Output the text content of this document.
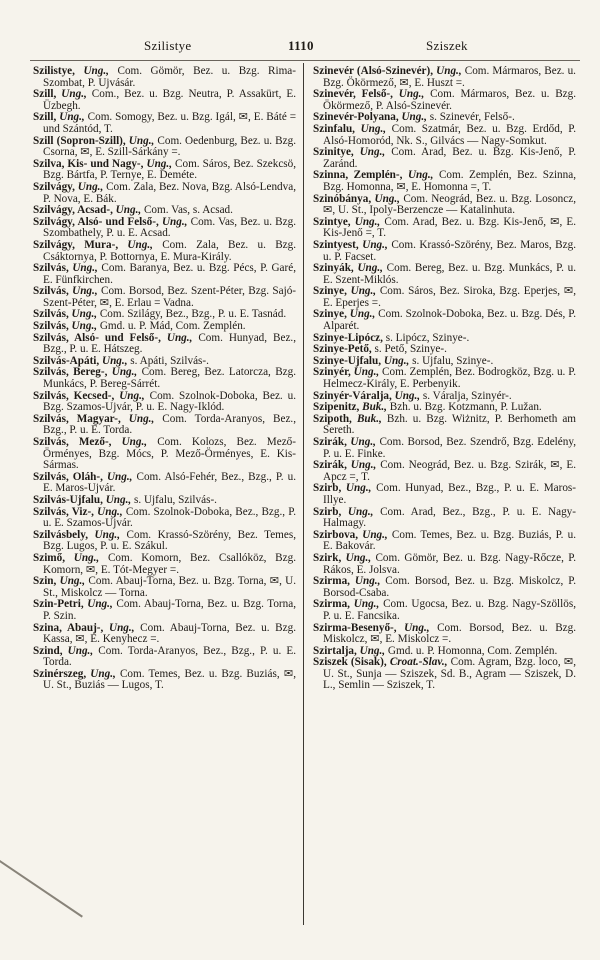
Szilistye	1110	Sziszek

Szilistye, Ung., Com. Gömör, Bez. u. Bzg. Rima-Szombat, P. Ujvásár.

Szill, Ung., Com., Bez. u. Bzg. Neutra, P. Assakürt, E. Üzbegh.

Szill, Ung., Com. Somogy, Bez. u. Bzg. Igál, ✉, E. Báté = und Szántód, T.

Szill (Sopron-Szill), Ung., Com. Oedenburg, Bez. u. Bzg. Csorna, ✉, E. Szill-Sárkány =.

Szilva, Kis- und Nagy-, Ung., Com. Sáros, Bez. Szekcsö, Bzg. Bártfa, P. Ternye, E. Deméte.

Szilvágy, Ung., Com. Zala, Bez. Nova, Bzg. Alsó-Lendva, P. Nova, E. Bák.

Szilvágy, Acsad-, Ung., Com. Vas, s. Acsad.

Szilvágy, Alsó- und Felső-, Ung., Com. Vas, Bez. u. Bzg. Szombathely, P. u. E. Acsad.

Szilvágy, Mura-, Ung., Com. Zala, Bez. u. Bzg. Csáktornya, P. Bottornya, E. Mura-Király.

Szilvás, Ung., Com. Baranya, Bez. u. Bzg. Pécs, P. Garé, E. Fünfkirchen.

Szilvás, Ung., Com. Borsod, Bez. Szent-Péter, Bzg. Sajó-Szent-Péter, ✉, E. Erlau = Vadna.

Szilvás, Ung., Com. Szilágy, Bez., Bzg., P. u. E. Tasnád.

Szilvás, Ung., Gmd. u. P. Mád, Com. Zemplén.

Szilvás, Alsó- und Felső-, Ung., Com. Hunyad, Bez., Bzg., P. u. E. Hátszeg.

Szilvás-Apáti, Ung., s. Apáti, Szilvás-.

Szilvás, Bereg-, Ung., Com. Bereg, Bez. Latorcza, Bzg. Munkács, P. Bereg-Sárrét.

Szilvás, Kecsed-, Ung., Com. Szolnok-Doboka, Bez. u. Bzg. Szamos-Ujvár, P. u. E. Nagy-Iklód.

Szilvás, Magyar-, Ung., Com. Torda-Aranyos, Bez., Bzg., P. u. E. Torda.

Szilvás, Mező-, Ung., Com. Kolozs, Bez. Mező-Örményes, Bzg. Mócs, P. Mező-Örményes, E. Kis-Sármas.

Szilvás, Oláh-, Ung., Com. Alsó-Fehér, Bez., Bzg., P. u. E. Maros-Ujvár.

Szilvás-Ujfalu, Ung., s. Ujfalu, Szilvás-.

Szilvás, Viz-, Ung., Com. Szolnok-Doboka, Bez., Bzg., P. u. E. Szamos-Ujvár.

Szilvásbely, Ung., Com. Krassó-Szörény, Bez. Temes, Bzg. Lugos, P. u. E. Szákul.

Szimő, Ung., Com. Komorn, Bez. Csallóköz, Bzg. Komorn, ✉, E. Tót-Megyer =.

Szin, Ung., Com. Abauj-Torna, Bez. u. Bzg. Torna, ✉, U. St., Miskolcz — Torna.

Szin-Petri, Ung., Com. Abauj-Torna, Bez. u. Bzg. Torna, P. Szin.

Szina, Abauj-, Ung., Com. Abauj-Torna, Bez. u. Bzg. Kassa, ✉, E. Kenyhecz =.

Szind, Ung., Com. Torda-Aranyos, Bez., Bzg., P. u. E. Torda.

Szinérszeg, Ung., Com. Temes, Bez. u. Bzg. Buziás, ✉, U. St., Buziás — Lugos, T.

Szinevér (Alsó-Szinevér), Ung., Com. Mármaros, Bez. u. Bzg. Ökörmező, ✉, E. Huszt =.

Szinevér, Felső-, Ung., Com. Mármaros, Bez. u. Bzg. Ökörmező, P. Alsó-Szinevér.

Szinevér-Polyana, Ung., s. Szinevér, Felső-.

Szinfalu, Ung., Com. Szatmár, Bez. u. Bzg. Erdőd, P. Alsó-Homoród, Nk. S., Gilvács — Nagy-Somkut.

Szinitye, Ung., Com. Arad, Bez. u. Bzg. Kis-Jenő, P. Zaránd.

Szinna, Zemplén-, Ung., Com. Zemplén, Bez. Szinna, Bzg. Homonna, ✉, E. Homonna =, T.

Szinóbánya, Ung., Com. Neográd, Bez. u. Bzg. Losoncz, ✉, U. St., Ipoly-Berzencze — Katalinhuta.

Szintye, Ung., Com. Arad, Bez. u. Bzg. Kis-Jenő, ✉, E. Kis-Jenő =, T.

Szintyest, Ung., Com. Krassó-Szörény, Bez. Maros, Bzg. u. P. Facset.

Szinyák, Ung., Com. Bereg, Bez. u. Bzg. Munkács, P. u. E. Szent-Miklós.

Szinye, Ung., Com. Sáros, Bez. Siroka, Bzg. Eperjes, ✉, E. Eperjes =.

Szinye, Ung., Com. Szolnok-Doboka, Bez. u. Bzg. Dés, P. Alparét.

Szinye-Lipócz, s. Lipócz, Szinye-.

Szinye-Pető, s. Pető, Szinye-.

Szinye-Ujfalu, Ung., s. Ujfalu, Szinye-.

Szinyér, Ung., Com. Zemplén, Bez. Bodrogköz, Bzg. u. P. Helmecz-Király, E. Perbenyik.

Szinyér-Váralja, Ung., s. Váralja, Szinyér-.

Szipenitz, Buk., Bzh. u. Bzg. Kotzmann, P. Lužan.

Szipoth, Buk., Bzh. u. Bzg. Wiżnitz, P. Berhometh am Sereth.

Szirák, Ung., Com. Borsod, Bez. Szendrő, Bzg. Edelény, P. u. E. Finke.

Szirák, Ung., Com. Neográd, Bez. u. Bzg. Szirák, ✉, E. Apcz =, T.

Szirb, Ung., Com. Hunyad, Bez., Bzg., P. u. E. Maros-Illye.

Szirb, Ung., Com. Arad, Bez., Bzg., P. u. E. Nagy-Halmagy.

Szirbova, Ung., Com. Temes, Bez. u. Bzg. Buziás, P. u. E. Bakovár.

Szirk, Ung., Com. Gömör, Bez. u. Bzg. Nagy-Rőcze, P. Rákos, E. Jolsva.

Szirma, Ung., Com. Borsod, Bez. u. Bzg. Miskolcz, P. Borsod-Csaba.

Szirma, Ung., Com. Ugocsa, Bez. u. Bzg. Nagy-Szöllös, P. u. E. Fancsika.

Szirma-Besenyő-, Ung., Com. Borsod, Bez. u. Bzg. Miskolcz, ✉, E. Miskolcz =.

Szirtalja, Ung., Gmd. u. P. Homonna, Com. Zemplén.

Sziszek (Sisak), Croat.-Slav., Com. Agram, Bzg. loco, ✉, U. St., Sunja — Sziszek, Sd. B., Agram — Sziszek, D. L., Semlin — Sziszek, T.
